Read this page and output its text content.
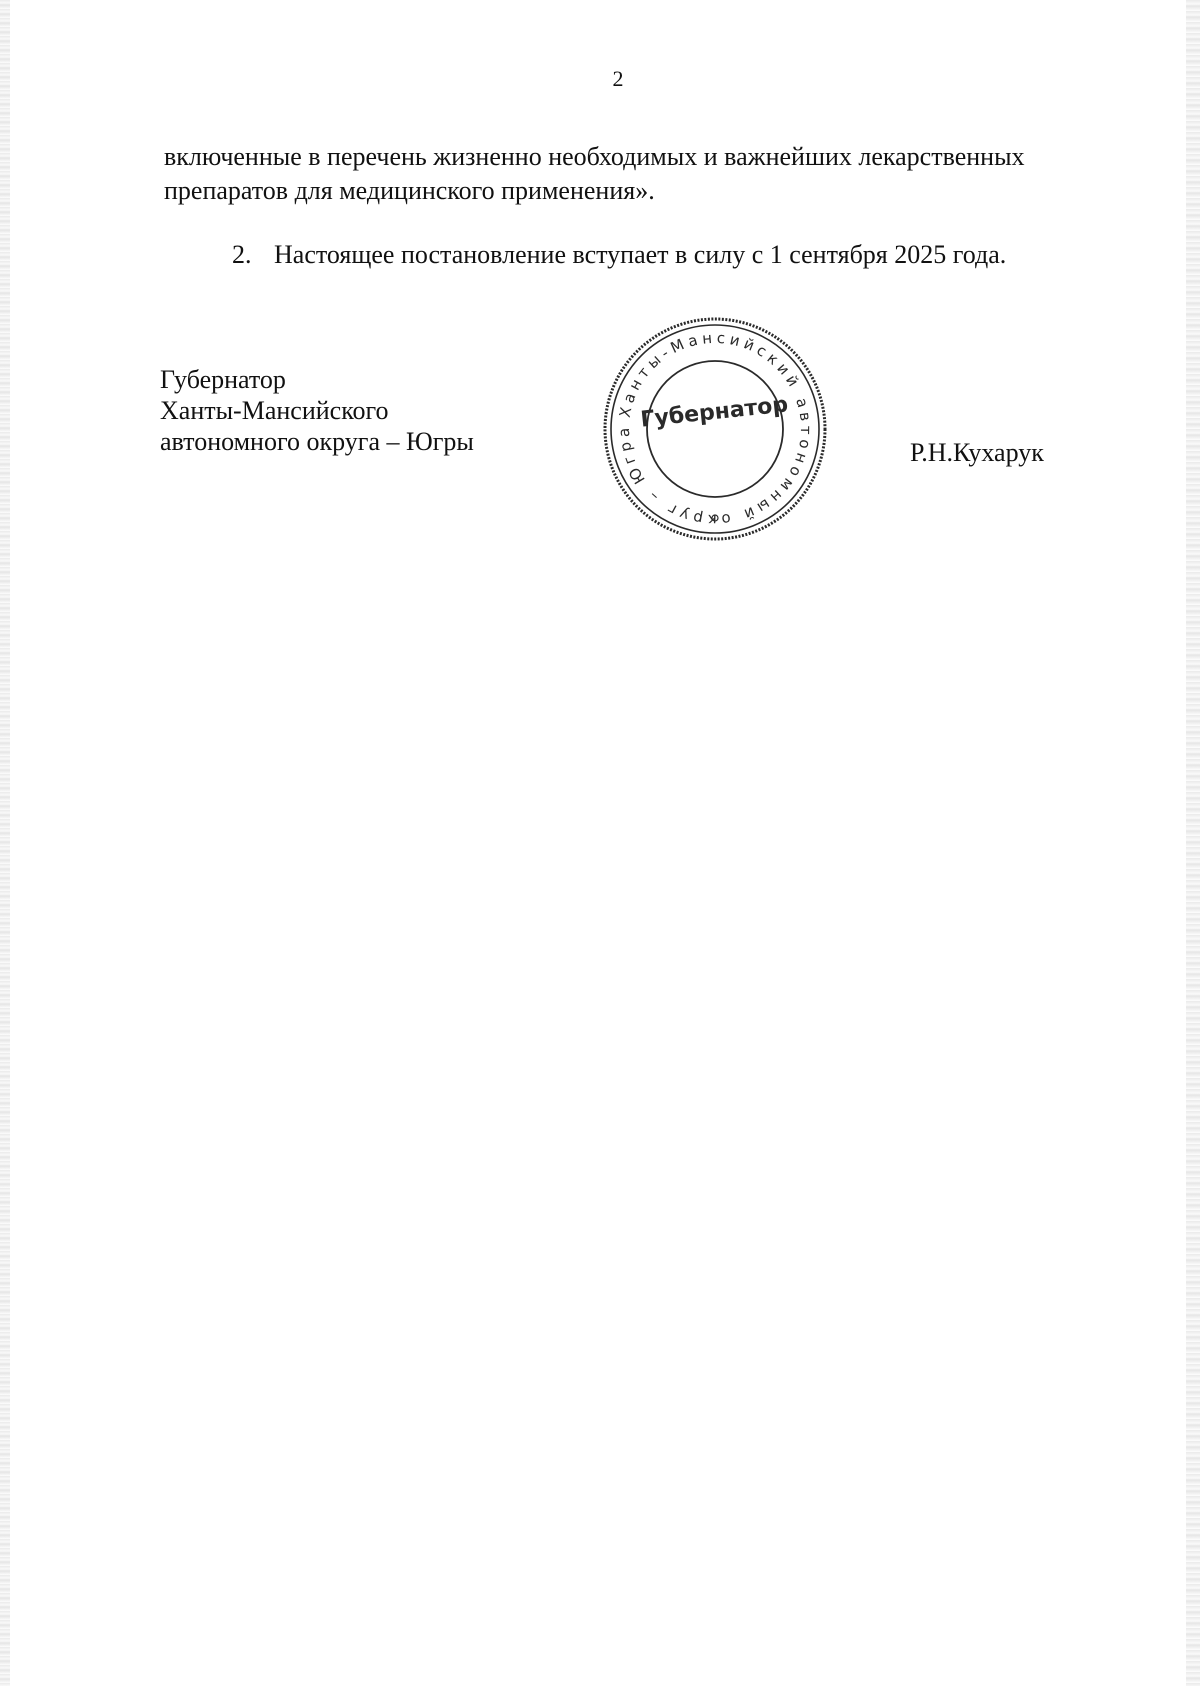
2
включенные в перечень жизненно необходимых и важнейших лекарственных препаратов для медицинского применения».
2. Настоящее постановление вступает в силу с 1 сентября 2025 года.
Губернатор
Ханты-Мансийского
автономного округа – Югры
Ханты-Мансийский автономный округ – Югра Губернатор
Р.Н.Кухарук
